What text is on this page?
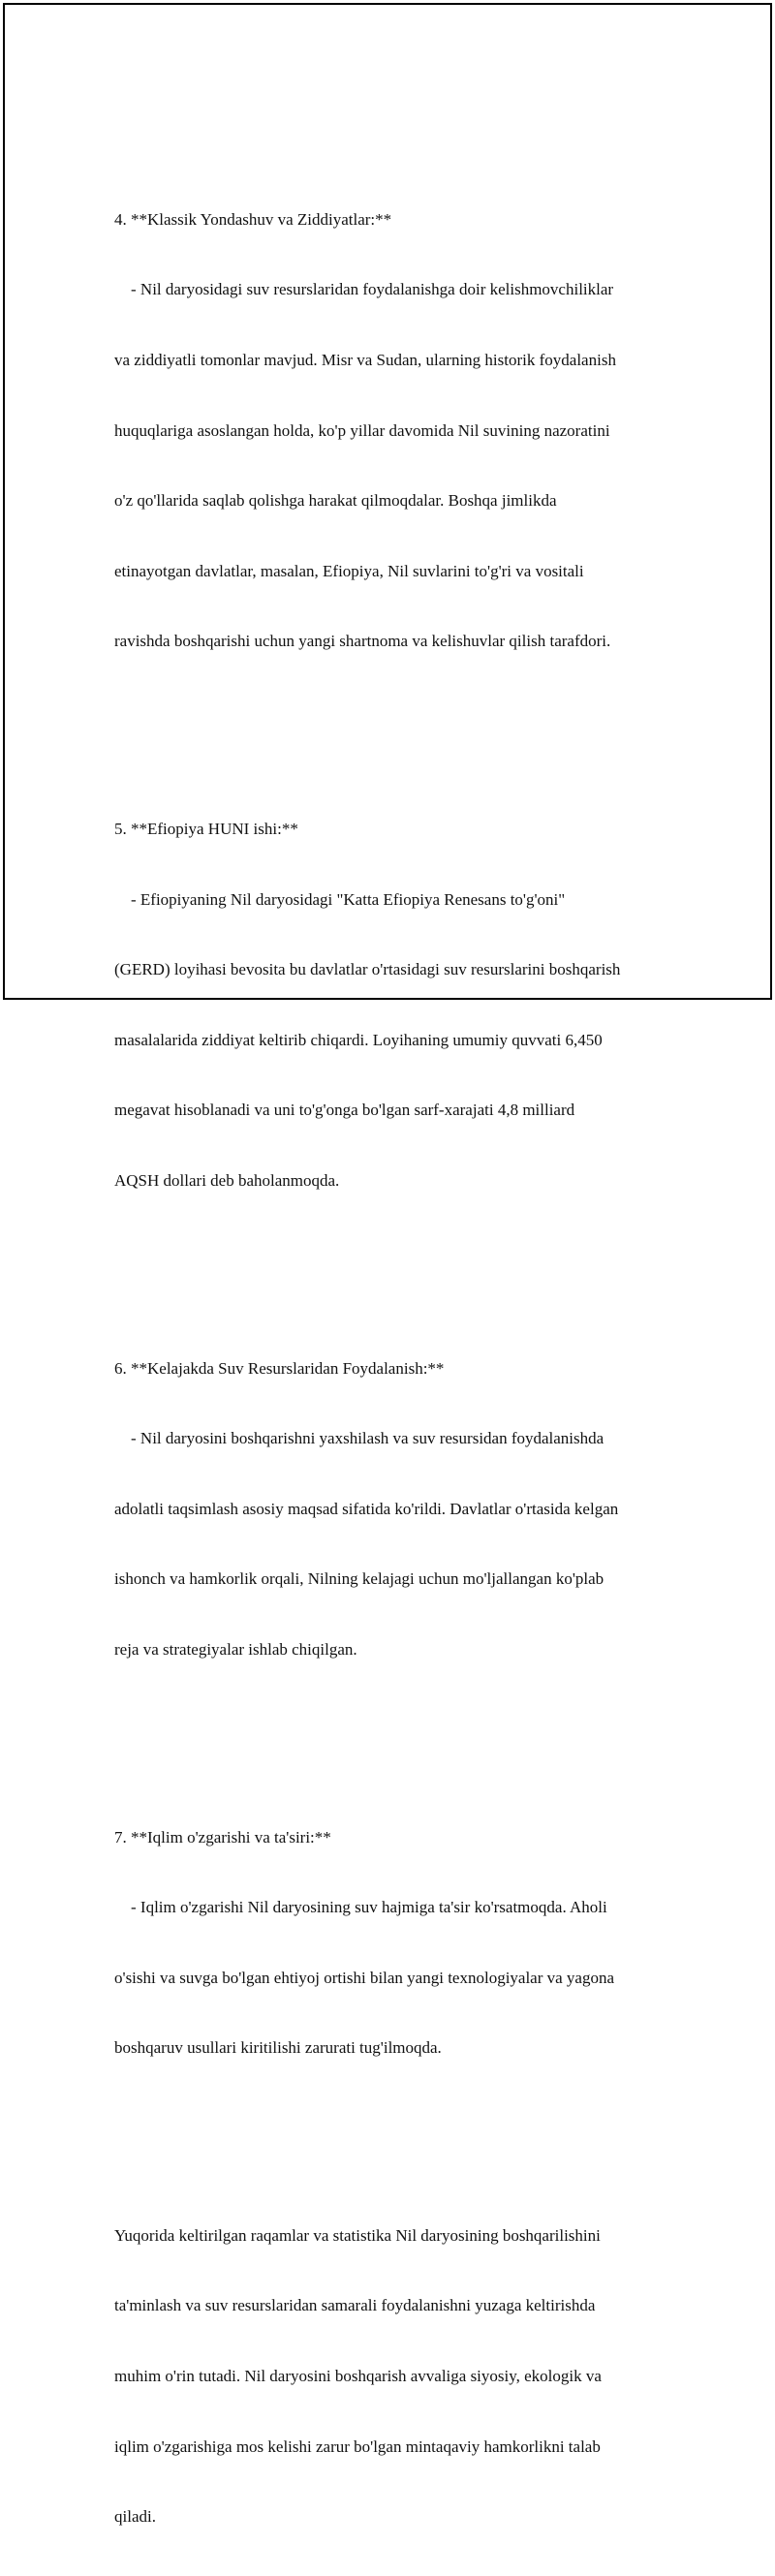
4. **Klassik Yondashuv va Ziddiyatlar:**

- Nil daryosidagi suv resurslaridan foydalanishga doir kelishmovchiliklar

va ziddiyatli tomonlar mavjud. Misr va Sudan, ularning historik foydalanish

huquqlariga asoslangan holda, ko'p yillar davomida Nil suvining nazoratini

o'z qo'llarida saqlab qolishga harakat qilmoqdalar. Boshqa jimlikda

etinayotgan davlatlar, masalan, Efiopiya, Nil suvlarini to'g'ri va vositali

ravishda boshqarishi uchun yangi shartnoma va kelishuvlar qilish tarafdori.

5. **Efiopiya HUNI ishi:**

- Efiopiyaning Nil daryosidagi "Katta Efiopiya Renesans to'g'oni"

(GERD) loyihasi bevosita bu davlatlar o'rtasidagi suv resurslarini boshqarish

masalalarida ziddiyat keltirib chiqardi. Loyihaning umumiy quvvati 6,450

megavat hisoblanadi va uni to'g'onga bo'lgan sarf-xarajati 4,8 milliard

AQSH dollari deb baholanmoqda.

6. **Kelajakda Suv Resurslaridan Foydalanish:**

- Nil daryosini boshqarishni yaxshilash va suv resursidan foydalanishda

adolatli taqsimlash asosiy maqsad sifatida ko'rildi. Davlatlar o'rtasida kelgan

ishonch va hamkorlik orqali, Nilning kelajagi uchun mo'ljallangan ko'plab

reja va strategiyalar ishlab chiqilgan.

7. **Iqlim o'zgarishi va ta'siri:**

- Iqlim o'zgarishi Nil daryosining suv hajmiga ta'sir ko'rsatmoqda. Aholi

o'sishi va suvga bo'lgan ehtiyoj ortishi bilan yangi texnologiyalar va yagona

boshqaruv usullari kiritilishi zarurati tug'ilmoqda.

Yuqorida keltirilgan raqamlar va statistika Nil daryosining boshqarilishini

ta'minlash va suv resurslaridan samarali foydalanishni yuzaga keltirishda

muhim o'rin tutadi. Nil daryosini boshqarish avvaliga siyosiy, ekologik va

iqlim o'zgarishiga mos kelishi zarur bo'lgan mintaqaviy hamkorlikni talab

qiladi.
